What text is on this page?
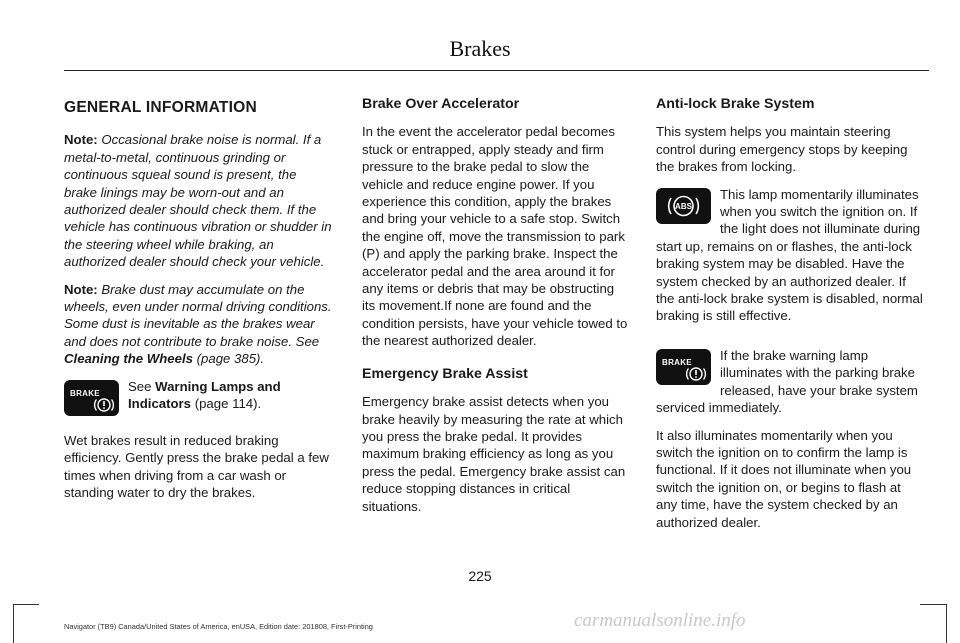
Brakes
GENERAL INFORMATION

Note: Occasional brake noise is normal. If a metal-to-metal, continuous grinding or continuous squeal sound is present, the brake linings may be worn-out and an authorized dealer should check them. If the vehicle has continuous vibration or shudder in the steering wheel while braking, an authorized dealer should check your vehicle.

Note: Brake dust may accumulate on the wheels, even under normal driving conditions. Some dust is inevitable as the brakes wear and does not contribute to brake noise. See Cleaning the Wheels (page 385).

BRAKE See Warning Lamps and Indicators (page 114).

Wet brakes result in reduced braking efficiency. Gently press the brake pedal a few times when driving from a car wash or standing water to dry the brakes.

Brake Over Accelerator

In the event the accelerator pedal becomes stuck or entrapped, apply steady and firm pressure to the brake pedal to slow the vehicle and reduce engine power. If you experience this condition, apply the brakes and bring your vehicle to a safe stop. Switch the engine off, move the transmission to park (P) and apply the parking brake. Inspect the accelerator pedal and the area around it for any items or debris that may be obstructing its movement.If none are found and the condition persists, have your vehicle towed to the nearest authorized dealer.

Emergency Brake Assist

Emergency brake assist detects when you brake heavily by measuring the rate at which you press the brake pedal. It provides maximum braking efficiency as long as you press the pedal. Emergency brake assist can reduce stopping distances in critical situations.

Anti-lock Brake System

This system helps you maintain steering control during emergency stops by keeping the brakes from locking.

ABS
This lamp momentarily illuminates when you switch the ignition on. If the light does not illuminate during start up, remains on or flashes, the anti-lock braking system may be disabled. Have the system checked by an authorized dealer. If the anti-lock brake system is disabled, normal braking is still effective.
BRAKE If the brake warning lamp illuminates with the parking brake released, have your brake system serviced immediately.

It also illuminates momentarily when you switch the ignition on to confirm the lamp is functional. If it does not illuminate when you switch the ignition on, or begins to flash at any time, have the system checked by an authorized dealer.

225
Navigator (TB9) Canada/United States of America, enUSA, Edition date: 201808, First-Printing	carmanualsonline.info
